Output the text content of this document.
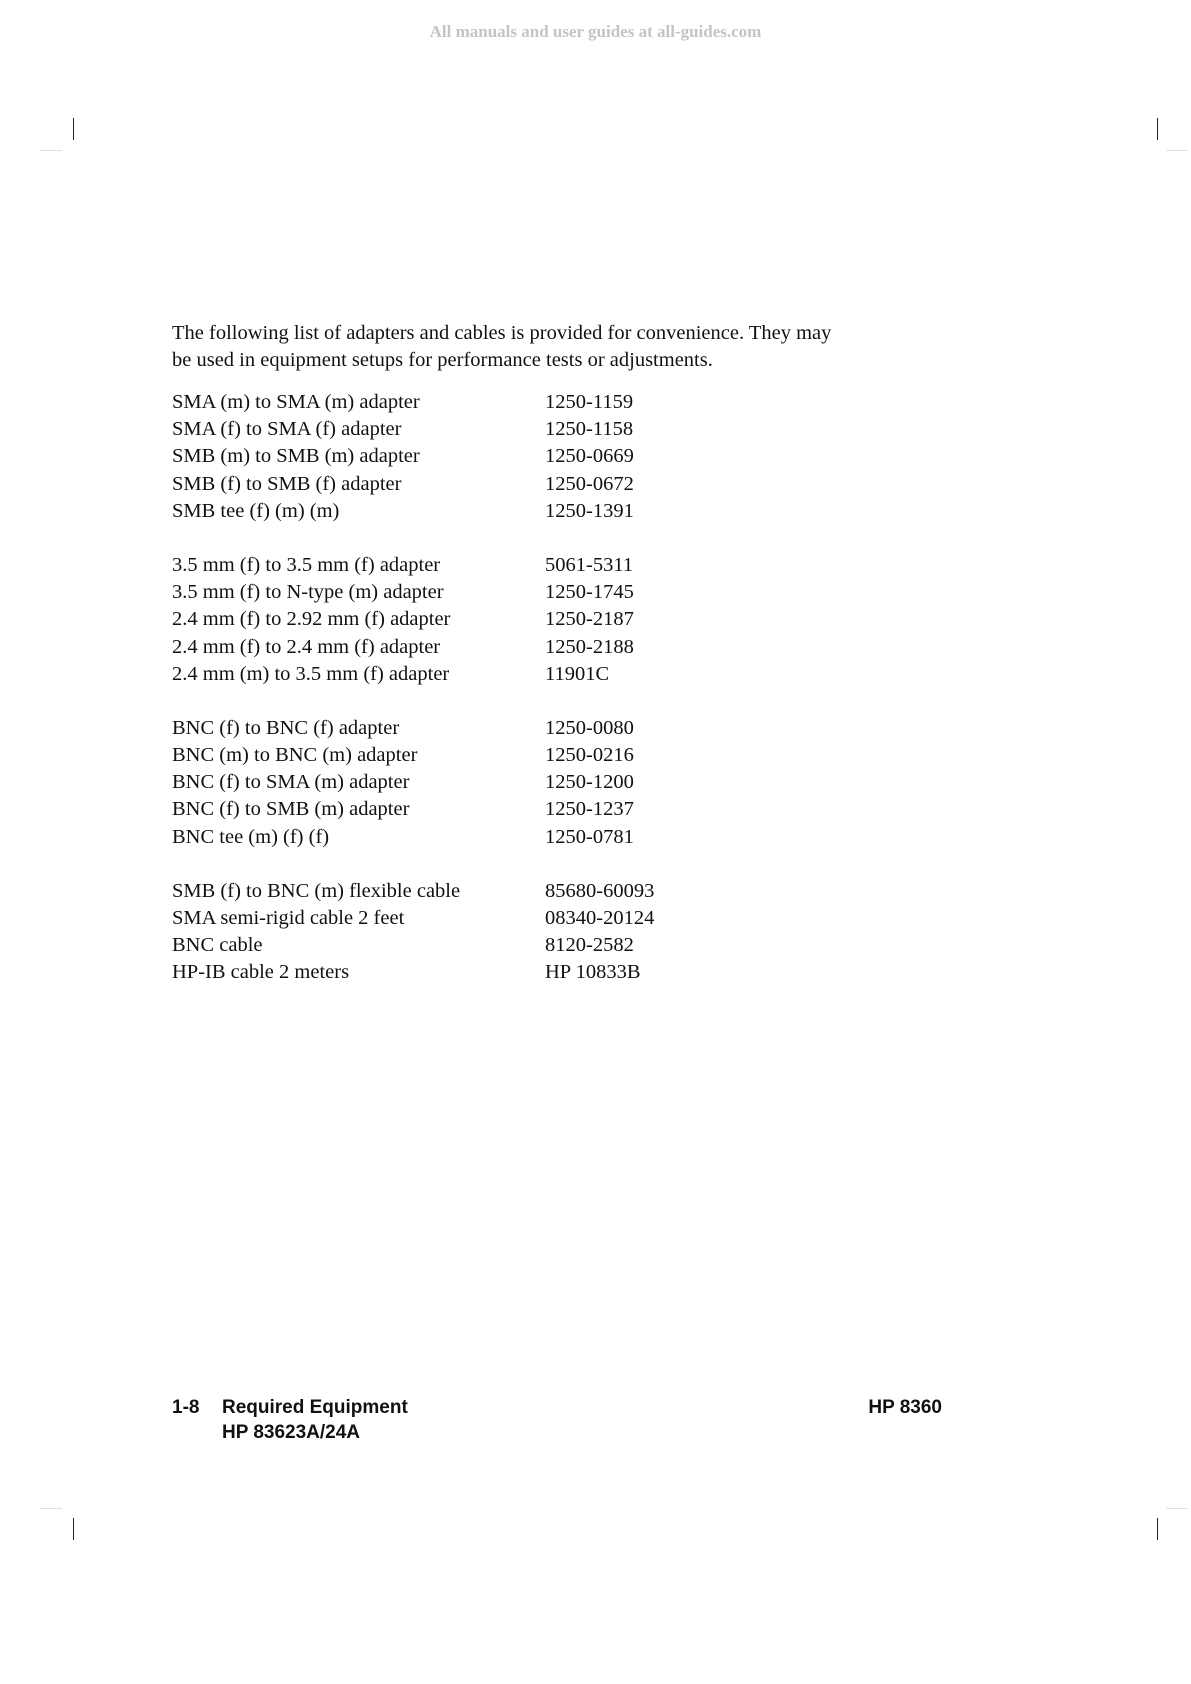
All manuals and user guides at all-guides.com

The following list of adapters and cables is provided for convenience. They may

be used in equipment setups for performance tests or adjustments.

SMA (m) to SMA (m) adapter	1250-1159
SMA (f) to SMA (f) adapter	1250-1158
SMB (m) to SMB (m) adapter	1250-0669
SMB (f) to SMB (f) adapter	1250-0672
SMB tee (f) (m) (m)	1250-1391
3.5 mm (f) to 3.5 mm (f) adapter	5061-5311
3.5 mm (f) to N-type (m) adapter	1250-1745
2.4 mm (f) to 2.92 mm (f) adapter	1250-2187
2.4 mm (f) to 2.4 mm (f) adapter	1250-2188
2.4 mm (m) to 3.5 mm (f) adapter	11901C
BNC (f) to BNC (f) adapter	1250-0080
BNC (m) to BNC (m) adapter	1250-0216
BNC (f) to SMA (m) adapter	1250-1200
BNC (f) to SMB (m) adapter	1250-1237
BNC tee (m) (f) (f)	1250-0781
SMB (f) to BNC (m) flexible cable	85680-60093
SMA semi-rigid cable 2 feet	08340-20124
BNC cable	8120-2582
HP-IB cable 2 meters	HP 10833B
1-8 Required Equipment
HP 83623A/24A
HP 8360
